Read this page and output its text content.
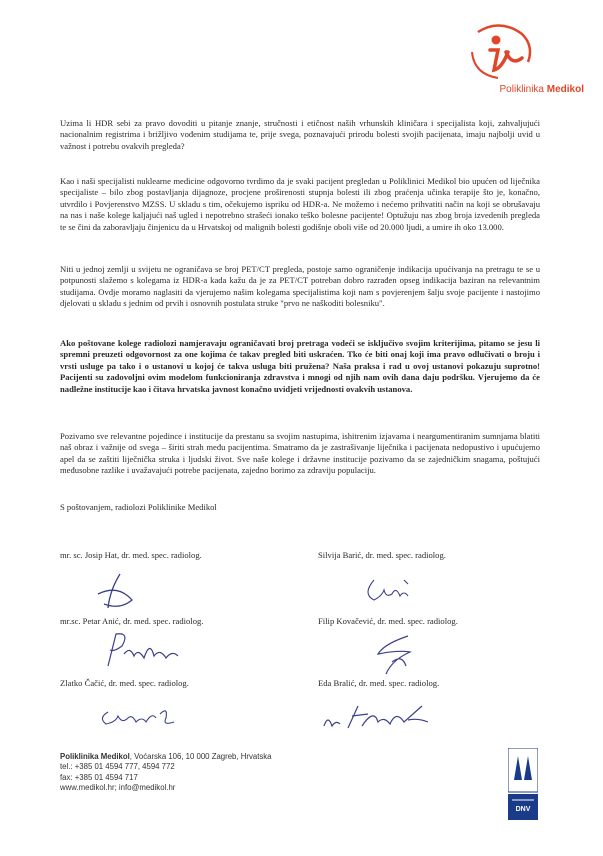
Poliklinika Medikol
Uzima li HDR sebi za pravo dovoditi u pitanje znanje, stručnosti i etičnost naših vrhunskih kliničara i specijalista koji, zahvaljujući nacionalnim registrima i brižljivo vođenim studijama te, prije svega, poznavajući prirodu bolesti svojih pacijenata, imaju najbolji uvid u važnost i potrebu ovakvih pregleda?
Kao i naši specijalisti nuklearne medicine odgovorno tvrdimo da je svaki pacijent pregledan u Poliklinici Medikol bio upućen od liječnika specijaliste – bilo zbog postavljanja dijagnoze, procjene proširenosti stupnja bolesti ili zbog praćenja učinka terapije što je, konačno, utvrdilo i Povjerenstvo MZSS. U skladu s tim, očekujemo ispriku od HDR-a. Ne možemo i nećemo prihvatiti način na koji se obrušavaju na nas i naše kolege kaljajući naš ugled i nepotrebno strašeći ionako teško bolesne pacijente! Optužuju nas zbog broja izvedenih pregleda te se čini da zaboravljaju činjenicu da u Hrvatskoj od malignih bolesti godišnje oboli više od 20.000 ljudi, a umire ih oko 13.000.
Niti u jednoj zemlji u svijetu ne ograničava se broj PET/CT pregleda, postoje samo ograničenje indikacija upućivanja na pretragu te se u potpunosti slažemo s kolegama iz HDR-a kada kažu da je za PET/CT potreban dobro razrađen opseg indikacija baziran na relevantnim studijama. Ovdje moramo naglasiti da vjerujemo našim kolegama specijalistima koji nam s povjerenjem šalju svoje pacijente i nastojimo djelovati u skladu s jednim od prvih i osnovnih postulata struke "prvo ne naškoditi bolesniku".
Ako poštovane kolege radiolozi namjeravaju ograničavati broj pretraga vodeći se isključivo svojim kriterijima, pitamo se jesu li spremni preuzeti odgovornost za one kojima će takav pregled biti uskraćen. Tko će biti onaj koji ima pravo odlučivati o broju i vrsti usluge pa tako i o ustanovi u kojoj će takva usluga biti pružena? Naša praksa i rad u ovoj ustanovi pokazuju suprotno! Pacijenti su zadovoljni ovim modelom funkcioniranja zdravstva i mnogi od njih nam ovih dana daju podršku. Vjerujemo da će nadležne institucije kao i čitava hrvatska javnost konačno uvidjeti vrijednosti ovakvih ustanova.
Pozivamo sve relevantne pojedince i institucije da prestanu sa svojim nastupima, ishitrenim izjavama i neargumentiranim sumnjama blatiti naš obraz i važnije od svega – širiti strah među pacijentima. Smatramo da je zastrašivanje liječnika i pacijenata nedopustivo i upućujemo apel da se zaštiti liječnička struka i ljudski život. Sve naše kolege i državne institucije pozivamo da se zajedničkim snagama, poštujući međusobne razlike i uvažavajući potrebe pacijenata, zajedno borimo za zdraviju populaciju.
S poštovanjem, radiolozi Poliklinike Medikol
mr. sc. Josip Hat, dr. med. spec. radiolog.	Silvija Barić, dr. med. spec. radiolog.
mr.sc. Petar Anić, dr. med. spec. radiolog.	Filip Kovačević, dr. med. spec. radiolog.
Zlatko Čačić, dr. med. spec. radiolog.	Eda Bralić, dr. med. spec. radiolog.
Poliklinika Medikol, Voćarska 106, 10 000 Zagreb, Hrvatska
tel.: +385 01 4594 777, 4594 772
fax: +385 01 4594 717
www.medikol.hr; info@medikol.hr
DNV
